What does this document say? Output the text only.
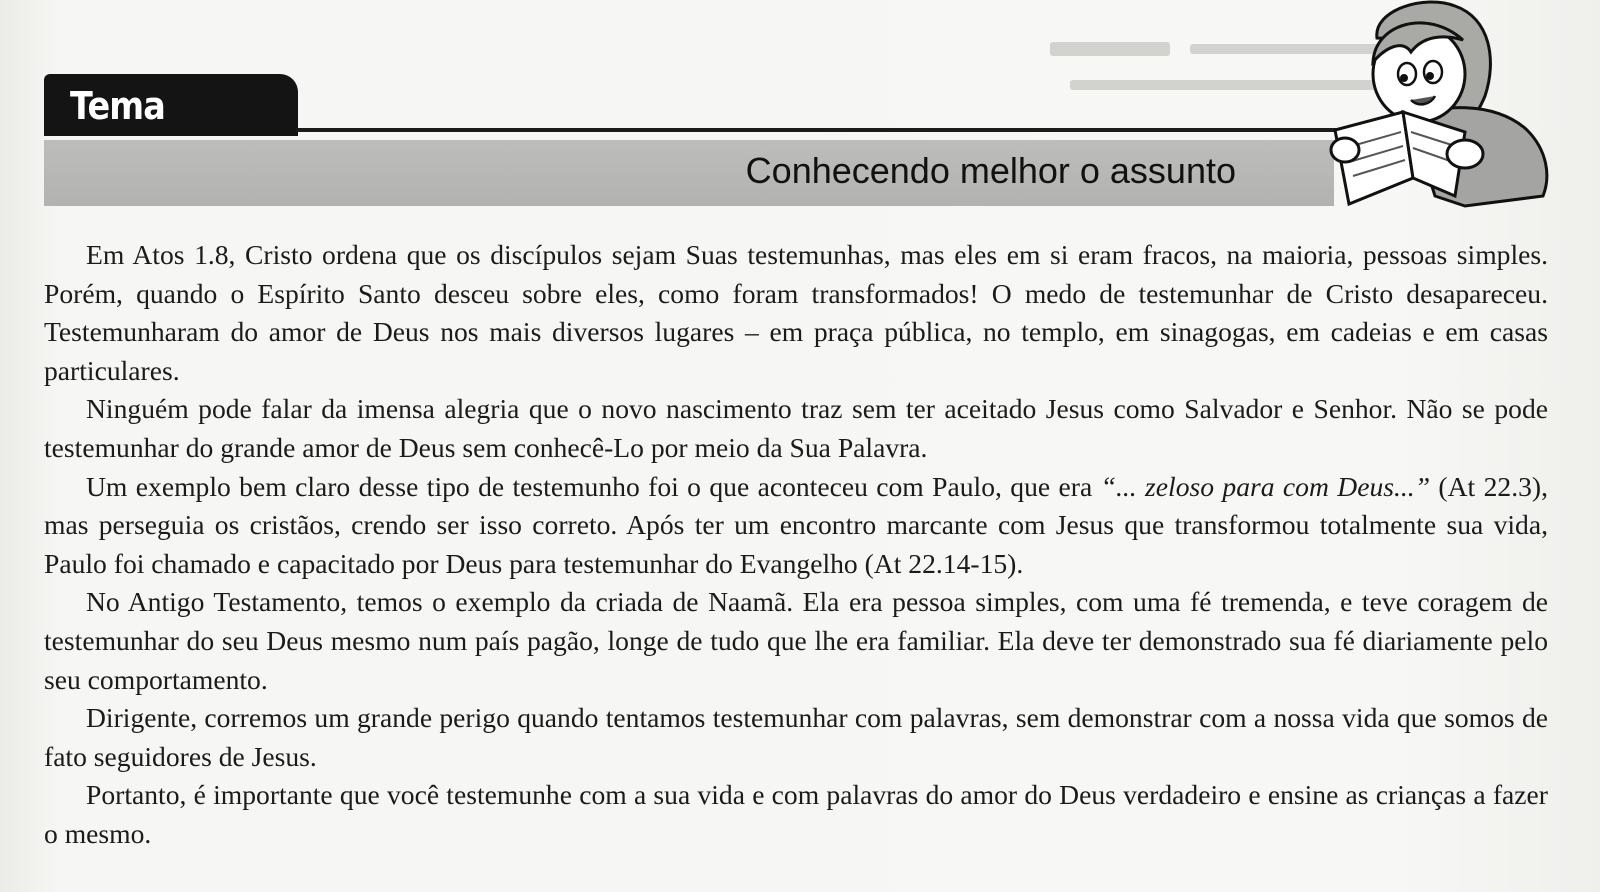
Tema
Conhecendo melhor o assunto

Em Atos 1.8, Cristo ordena que os discípulos sejam Suas testemunhas, mas eles em si eram fracos, na maioria, pessoas simples. Porém, quando o Espírito Santo desceu sobre eles, como foram transformados! O medo de testemunhar de Cristo desapareceu. Testemunharam do amor de Deus nos mais diversos lugares – em praça pública, no templo, em sinagogas, em cadeias e em casas particulares.

Ninguém pode falar da imensa alegria que o novo nascimento traz sem ter aceitado Jesus como Salvador e Senhor. Não se pode testemunhar do grande amor de Deus sem conhecê-Lo por meio da Sua Palavra.

Um exemplo bem claro desse tipo de testemunho foi o que aconteceu com Paulo, que era “... zeloso para com Deus...” (At 22.3), mas perseguia os cristãos, crendo ser isso correto. Após ter um encontro marcante com Jesus que transformou totalmente sua vida, Paulo foi chamado e capacitado por Deus para testemunhar do Evangelho (At 22.14-15).

No Antigo Testamento, temos o exemplo da criada de Naamã. Ela era pessoa simples, com uma fé tremenda, e teve coragem de testemunhar do seu Deus mesmo num país pagão, longe de tudo que lhe era familiar. Ela deve ter demonstrado sua fé diariamente pelo seu comportamento.

Dirigente, corremos um grande perigo quando tentamos testemunhar com palavras, sem demonstrar com a nossa vida que somos de fato seguidores de Jesus.

Portanto, é importante que você testemunhe com a sua vida e com palavras do amor do Deus verdadeiro e ensine as crianças a fazer o mesmo.
